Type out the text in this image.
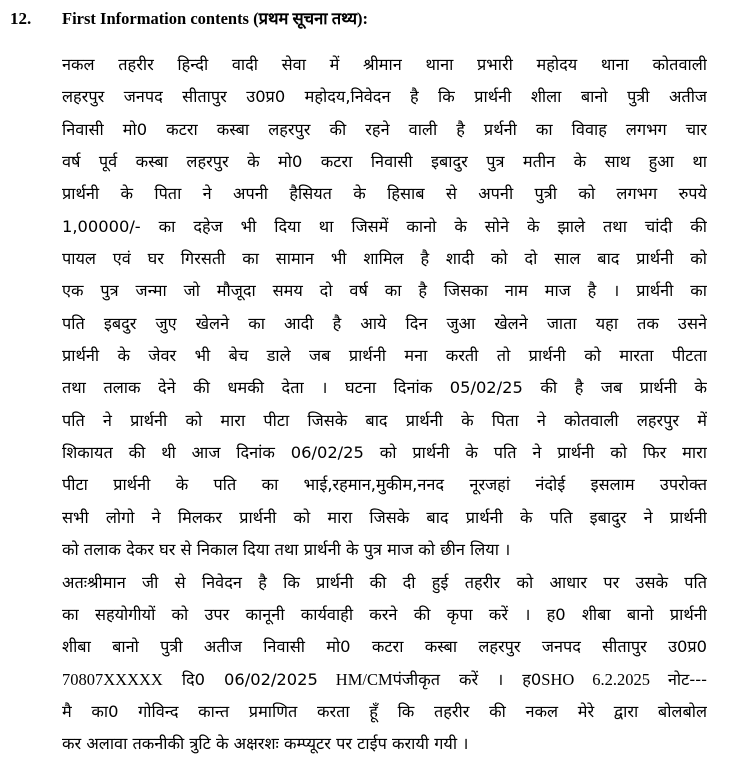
12. First Information contents (प्रथम सूचना तथ्य):
नकल तहरीर हिन्दी वादी सेवा में श्रीमान थाना प्रभारी महोदय थाना कोतवाली
लहरपुर जनपद सीतापुर उ0प्र0 महोदय,निवेदन है कि प्रार्थनी शीला बानो पुत्री अतीज
निवासी मो0 कटरा कस्बा लहरपुर की रहने वाली है प्रर्थनी का विवाह लगभग चार
वर्ष पूर्व कस्बा लहरपुर के मो0 कटरा निवासी इबादुर पुत्र मतीन के साथ हुआ था
प्रार्थनी के पिता ने अपनी हैसियत के हिसाब से अपनी पुत्री को लगभग रुपये
1,00000/- का दहेज भी दिया था जिसमें कानो के सोने के झाले तथा चांदी की
पायल एवं घर गिरसती का सामान भी शामिल है शादी को दो साल बाद प्रार्थनी को
एक पुत्र जन्मा जो मौजूदा समय दो वर्ष का है जिसका नाम माज है । प्रार्थनी का
पति इबदुर जुए खेलने का आदी है आये दिन जुआ खेलने जाता यहा तक उसने
प्रार्थनी के जेवर भी बेच डाले जब प्रार्थनी मना करती तो प्रार्थनी को मारता पीटता
तथा तलाक देने की धमकी देता । घटना दिनांक 05/02/25 की है जब प्रार्थनी के
पति ने प्रार्थनी को मारा पीटा जिसके बाद प्रार्थनी के पिता ने कोतवाली लहरपुर में
शिकायत की थी आज दिनांक 06/02/25 को प्रार्थनी के पति ने प्रार्थनी को फिर मारा
पीटा प्रार्थनी के पति का भाई,रहमान,मुकीम,ननद नूरजहां नंदोई इसलाम उपरोक्त
सभी लोगो ने मिलकर प्रार्थनी को मारा जिसके बाद प्रार्थनी के पति इबादुर ने प्रार्थनी
को तलाक देकर घर से निकाल दिया तथा प्रार्थनी के पुत्र माज को छीन लिया ।
अतःश्रीमान जी से निवेदन है कि प्रार्थनी की दी हुई तहरीर को आधार पर उसके पति
का सहयोगीयों को उपर कानूनी कार्यवाही करने की कृपा करें । ह0 शीबा बानो प्रार्थनी
शीबा बानो पुत्री अतीज निवासी मो0 कटरा कस्बा लहरपुर जनपद सीतापुर उ0प्र0
70807XXXXX दि0 06/02/2025 HM/CMपंजीकृत करें । ह0SHO 6.2.2025 नोट---
मै का0 गोविन्द कान्त प्रमाणित करता हूँ कि तहरीर की नकल मेरे द्वारा बोलबोल
कर अलावा तकनीकी त्रुटि के अक्षरशः कम्प्यूटर पर टाईप करायी गयी ।
